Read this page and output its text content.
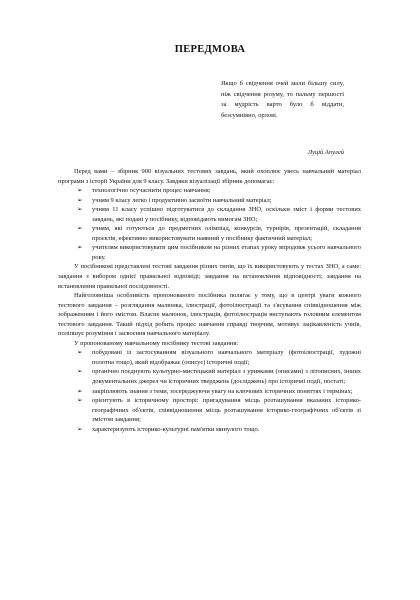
ПЕРЕДМОВА
Якщо б свідчення очей мали більшу силу, ніж свідчення розуму, то пальму першості за мудрість варто було б віддати, безсумнівно, орлові.
Луцій Апулей

Перед вами – збірник 900 візуальних тестових завдань, який охоплює увесь навчальний матеріал програми з історії України для 9 класу. Завдяки візуалізації збірник допомагає:

➢ технологічно осучаснити процес навчання;
➢ учням 9 класу легко і продуктивно засвоїти навчальний матеріал;
➢ учням 11 класу успішно підготуватися до складання ЗНО, оскільки зміст і форми тестових завдань, які подані у посібнику, відповідають вимогам ЗНО;
➢ учням, які готуються до предметних олімпіад, конкурсів, турнірів, презентацій, складання проєктів, ефективно використовувати наявний у посібнику фактичний матеріал;
➢ учителям використовувати цим посібником на різних етапах уроку впродовж усього навчального року.

У посібникові представлені тестові завдання різних типів, що їх використовують у тестах ЗНО, а саме: завдання з вибором однієї правильної відповіді; завдання на встановлення відповідності; завдання на встановлення правильної послідовності.

Найголовніша особливість пропонованого посібника полягає у тому, що в центрі уваги кожного тестового завдання – розглядання малюнка, ілюстрації, фотоілюстрації та з'ясування співвідношення між зображенням і його змістом. Власне малюнок, ілюстрація, фотоілюстрація виступають головним елементом тестового завдання. Такий підхід робить процес навчання справді творчим, мотивує зацікавленість учнів, поліпшує розуміння і засвоєння навчального матеріалу.

У пропонованому навчальному посібнику тестові завдання:

➢ побудовані із застосуванням візуального навчального матеріалу (фотоілюстрації, художні полотна тощо), який відображає (описує) історичні події;
➢ органічно поєднують культурно-мистецький матеріал з уривками (описами) з літописних, інших документальних джерел чи історичних тверджень (досліджень) про історичні події, постаті;
➢ закріплюють знання з теми, зосереджуючи увагу на ключових історичних поняттях і термінах;
➢ орієнтують в історичному просторі: пригадування місць розташування вказаних історико-географічних об'єктів, співвідношення місць розташування історико-географічних об'єктів зі змістом завдання;
➢ характеризують історико-культурні пам'ятки минулого тощо.
